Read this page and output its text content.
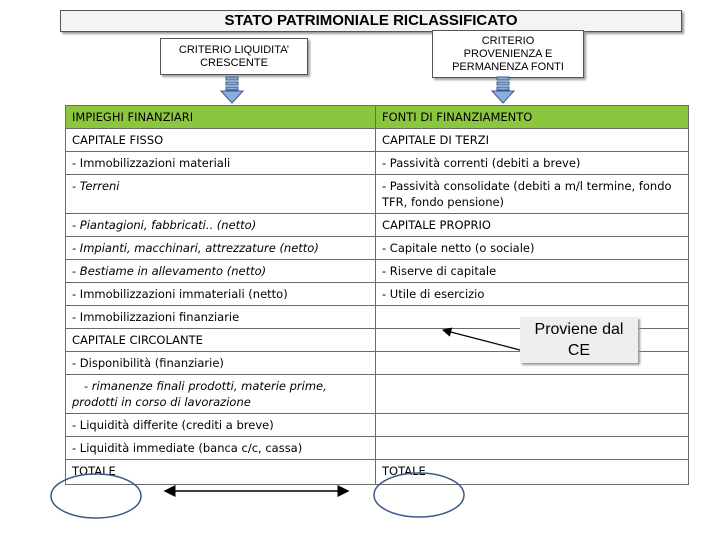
STATO PATRIMONIALE RICLASSIFICATO
CRITERIO LIQUIDITA’
CRESCENTE
CRITERIO
PROVENIENZA E
PERMANENZA FONTI
IMPIEGHI FINANZIARI	FONTI DI FINANZIAMENTO
CAPITALE FISSO	CAPITALE DI TERZI
- Immobilizzazioni materiali	- Passività correnti (debiti a breve)
- Terreni	- Passività consolidate (debiti a m/l termine, fondo TFR, fondo pensione)
- Piantagioni, fabbricati.. (netto)	CAPITALE PROPRIO
- Impianti, macchinari, attrezzature (netto)	- Capitale netto (o sociale)
- Bestiame in allevamento (netto)	- Riserve di capitale
- Immobilizzazioni immateriali (netto)	- Utile di esercizio
- Immobilizzazioni finanziarie	
CAPITALE CIRCOLANTE	
- Disponibilità (finanziarie)	
- rimanenze finali prodotti, materie prime, prodotti in corso di lavorazione	
- Liquidità differite (crediti a breve)	
- Liquidità immediate (banca c/c, cassa)	
TOTALE	TOTALE
Proviene dal
CE
